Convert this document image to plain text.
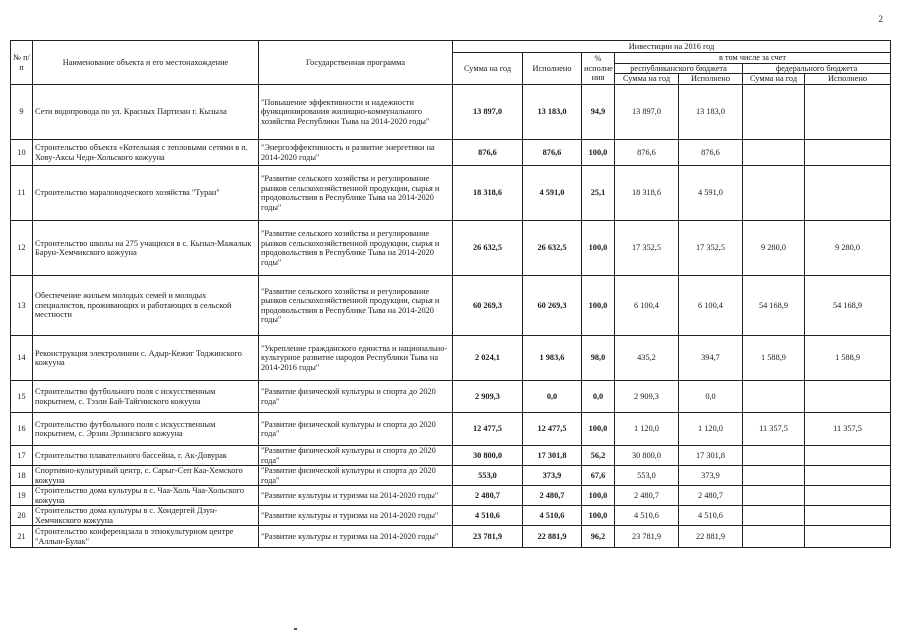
2
№ п/п	Наименование объекта и его местонахождение	Государственная программа	Инвестиции на 2016 год						
			Сумма на год	Исполнено	% исполне ния	в том числе за счет			
						республиканского бюджета		федерального бюджета	
						Сумма на год	Исполнено	Сумма на год	Исполнено
9	Сети водопровода по ул. Красных Партизан г. Кызыла	"Повышение эффективности и надежности функционирования жилищно-коммунального хозяйства Республики Тыва на 2014-2020 годы"	13 897,0	13 183,0	94,9	13 897,0	13 183,0		
10	Строительство объекта «Котельная с тепловыми сетями в п. Хову-Аксы Чеди-Хольского кожууна	"Энергоэффективность и развитие энергетики на 2014-2020 годы"	876,6	876,6	100,0	876,6	876,6		
11	Строительство мараловодческого хозяйства "Туран"	"Развитие сельского хозяйства и регулирование рынков сельскохозяйственной продукции, сырья и продовольствия в Республике Тыва на 2014-2020 годы"	18 318,6	4 591,0	25,1	18 318,6	4 591,0		
12	Строительство школы на 275 учащихся в с. Кызыл-Мажалык Барун-Хемчикского кожууна	"Развитие сельского хозяйства и регулирование рынков сельскохозяйственной продукции, сырья и продовольствия в Республике Тыва на 2014-2020 годы"	26 632,5	26 632,5	100,0	17 352,5	17 352,5	9 280,0	9 280,0
13	Обеспечение жильем молодых семей и молодых специалистов, проживающих и работающих в сельской местности	"Развитие сельского хозяйства и регулирование рынков сельскохозяйственной продукции, сырья и продовольствия в Республике Тыва на 2014-2020 годы"	60 269,3	60 269,3	100,0	6 100,4	6 100,4	54 168,9	54 168,9
14	Реконструкция электролинии с. Адыр-Кежиг Тоджинского кожууна	"Укрепление гражданского единства и национально-культурное развитие народов Республики Тыва на 2014-2016 годы"	2 024,1	1 983,6	98,0	435,2	394,7	1 588,9	1 588,9
15	Строительство футбольного поля с искусственным покрытием, с. Тээли Бай-Тайгинского кожууна	"Развитие физической культуры и спорта до 2020 года"	2 909,3	0,0	0,0	2 909,3	0,0		
16	Строительство футбольного поля с искусственным покрытием, с. Эрзин Эрзинского кожууна	"Развитие физической культуры и спорта до 2020 года"	12 477,5	12 477,5	100,0	1 120,0	1 120,0	11 357,5	11 357,5
17	Строительство плавательного бассейна, г. Ак-Довурак	"Развитие физической культуры и спорта до 2020 года"	30 800,0	17 301,8	56,2	30 800,0	17 301,8		
18	Спортивно-культурный центр, с. Сарыг-Сеп Каа-Хемского кожууна	"Развитие физической культуры и спорта до 2020 года"	553,0	373,9	67,6	553,0	373,9		
19	Строительство дома культуры в с. Чаа-Холь Чаа-Хольского кожууна	"Развитие культуры и туризма на 2014-2020 годы"	2 480,7	2 480,7	100,0	2 480,7	2 480,7		
20	Строительство дома культуры в с. Хондергей Дзун-Хемчикского кожууна	"Развитие культуры и туризма на 2014-2020 годы"	4 510,6	4 510,6	100,0	4 510,6	4 510,6		
21	Строительство конференцзала в этнокультурном центре "Аллын-Булак"	"Развитие культуры и туризма на 2014-2020 годы"	23 781,9	22 881,9	96,2	23 781,9	22 881,9		
